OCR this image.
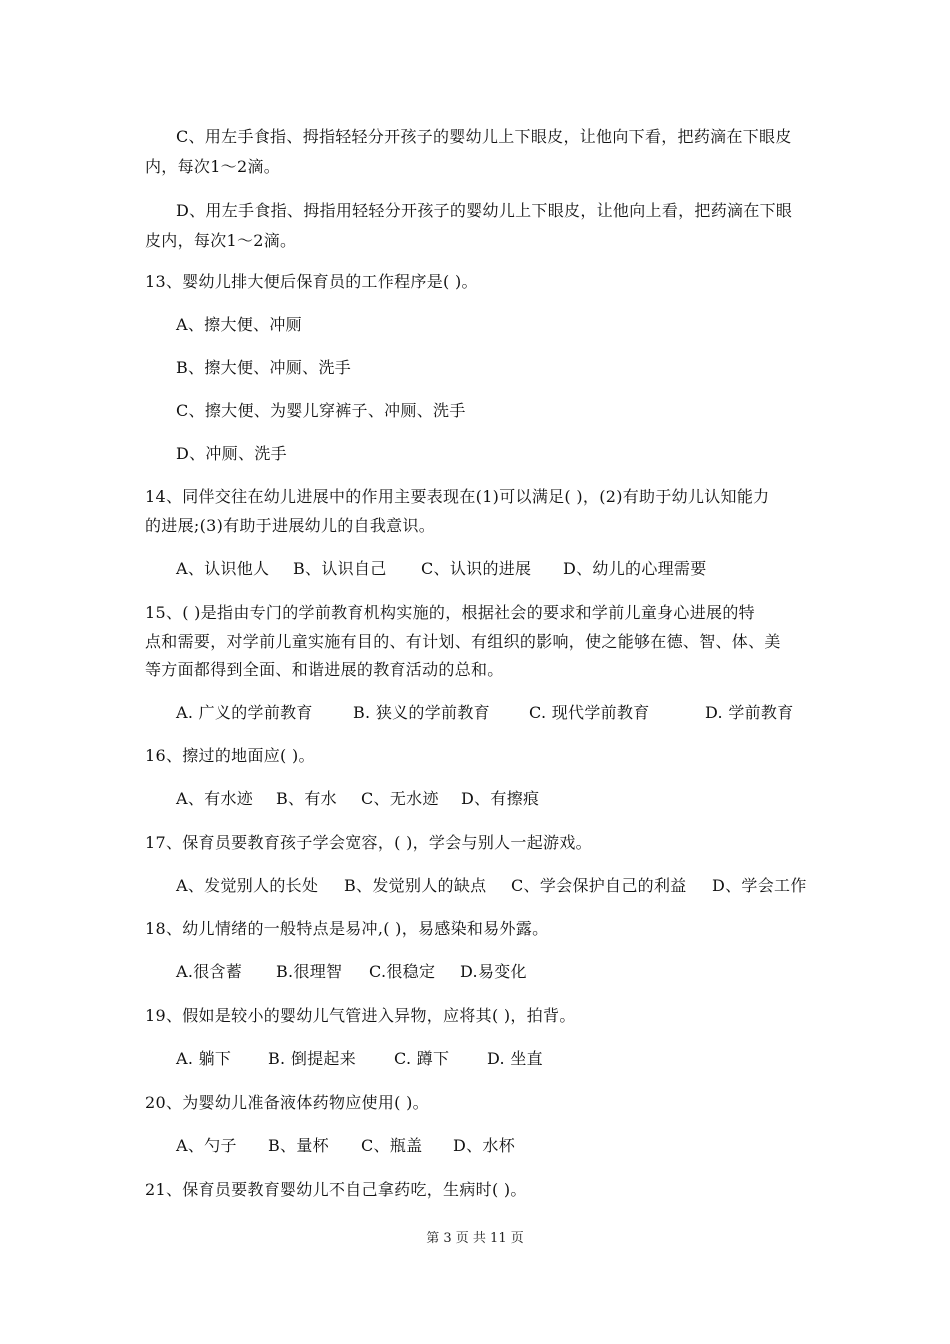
C、用左手食指、拇指轻轻分开孩子的婴幼儿上下眼皮，让他向下看，把药滴在下眼皮
内，每次1～2滴。
D、用左手食指、拇指用轻轻分开孩子的婴幼儿上下眼皮，让他向上看，把药滴在下眼
皮内，每次1～2滴。
13、婴幼儿排大便后保育员的工作程序是( )。
A、擦大便、冲厕
B、擦大便、冲厕、洗手
C、擦大便、为婴儿穿裤子、冲厕、洗手
D、冲厕、洗手
14、同伴交往在幼儿进展中的作用主要表现在(1)可以满足( )，(2)有助于幼儿认知能力
的进展;(3)有助于进展幼儿的自我意识。
A、认识他人 B、认识自己 C、认识的进展 D、幼儿的心理需要
15、( )是指由专门的学前教育机构实施的，根据社会的要求和学前儿童身心进展的特
点和需要，对学前儿童实施有目的、有计划、有组织的影响，使之能够在德、智、体、美
等方面都得到全面、和谐进展的教育活动的总和。
A. 广义的学前教育	B. 狭义的学前教育 C. 现代学前教育	D. 学前教育
16、擦过的地面应( )。
A、有水迹 B、有水 C、无水迹 D、有擦痕
17、保育员要教育孩子学会宽容，( )，学会与别人一起游戏。
A、发觉别人的长处 B、发觉别人的缺点 C、学会保护自己的利益 D、学会工作
18、幼儿情绪的一般特点是易冲,( )，易感染和易外露。
A.很含蓄 B.很理智 C.很稳定 D.易变化
19、假如是较小的婴幼儿气管进入异物，应将其( )，拍背。
A. 躺下 B. 倒提起来 C. 蹲下 D. 坐直
20、为婴幼儿准备液体药物应使用( )。
A、勺子 B、量杯 C、瓶盖 D、水杯
21、保育员要教育婴幼儿不自己拿药吃，生病时( )。
第 3 页 共 11 页
